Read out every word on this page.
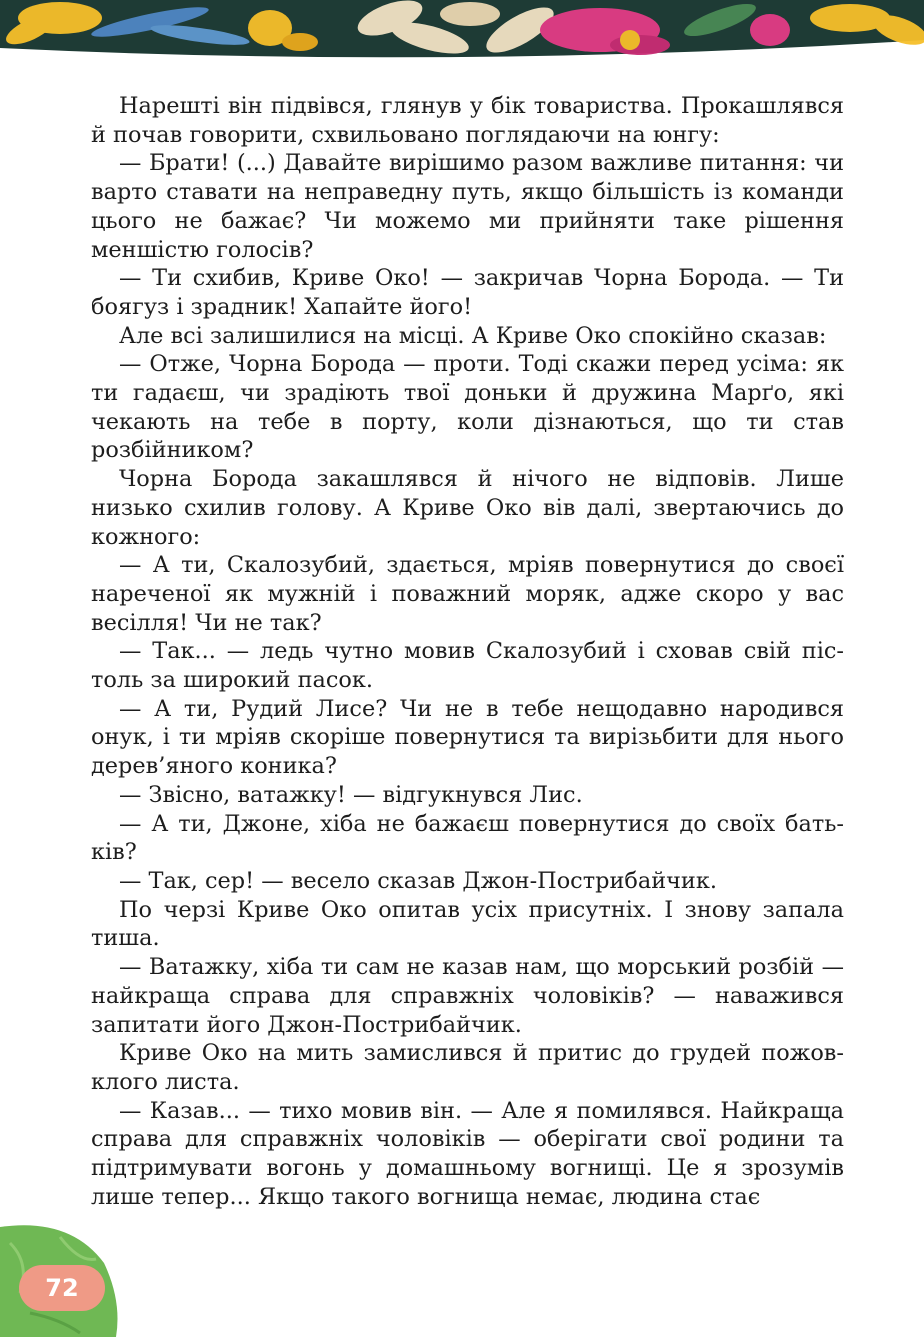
Нарешті він підвівся, глянув у бік товариства. Прокашлявся й почав говорити, схвильовано поглядаючи на юнгу:

— Брати! (...) Давайте вирішимо разом важливе питання: чи варто ставати на неправедну путь, якщо більшість із команди цього не бажає? Чи можемо ми прийняти таке рішення меншістю голосів?

— Ти схибив, Криве Око! — закричав Чорна Борода. — Ти боягуз і зрадник! Хапайте його!

Але всі залишилися на місці. А Криве Око спокійно сказав:

— Отже, Чорна Борода — проти. Тоді скажи перед усіма: як ти гадаєш, чи зрадіють твої доньки й дружина Марґо, які чекають на тебе в порту, коли дізнаються, що ти став розбійником?

Чорна Борода закашлявся й нічого не відповів. Лише низько схилив голову. А Криве Око вів далі, звертаючись до кожного:

— А ти, Скалозубий, здається, мріяв повернутися до своєї нареченої як мужній і поважний моряк, адже скоро у вас весілля! Чи не так?

— Так... — ледь чутно мовив Скалозубий і сховав свій пістоль за широкий пасок.

— А ти, Рудий Лисе? Чи не в тебе нещодавно народився онук, і ти мріяв скоріше повернутися та вирізьбити для нього дерев’яного коника?

— Звісно, ватажку! — відгукнувся Лис.

— А ти, Джоне, хіба не бажаєш повернутися до своїх батьків?

— Так, сер! — весело сказав Джон-Пострибайчик.

По черзі Криве Око опитав усіх присутніх. І знову запала тиша.

— Ватажку, хіба ти сам не казав нам, що морський розбій — найкраща справа для справжніх чоловіків? — наважився запитати його Джон-Пострибайчик.

Криве Око на мить замислився й притис до грудей пожовклого листа.

— Казав... — тихо мовив він. — Але я помилявся. Найкраща справа для справжніх чоловіків — оберігати свої родини та підтримувати вогонь у домашньому вогнищі. Це я зрозумів лише тепер... Якщо такого вогнища немає, людина стає

72
